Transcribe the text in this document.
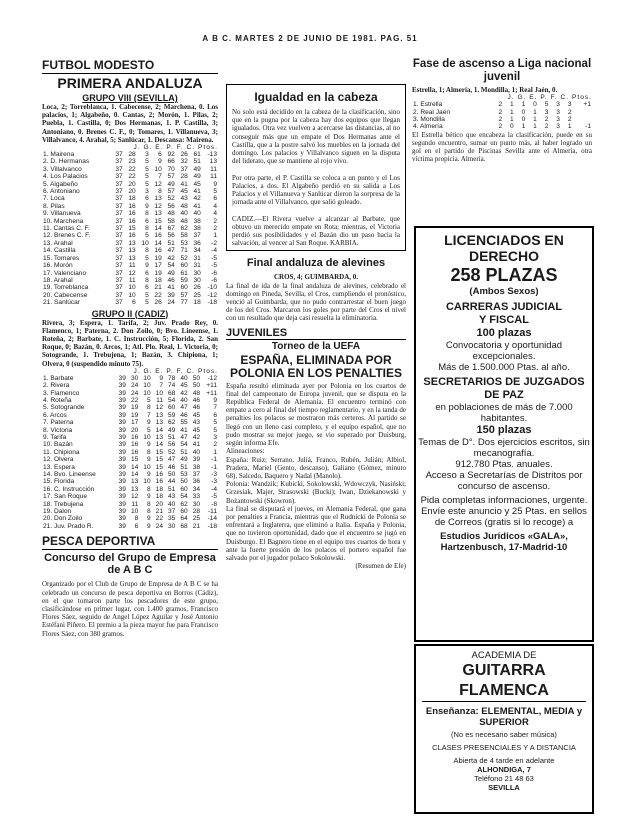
A B C. MARTES 2 DE JUNIO DE 1981. PAG. 51
FUTBOL MODESTO
PRIMERA ANDALUZA
GRUPO VIII (SEVILLA)
Loca, 2; Torreblanca, 1. Cabecense, 2; Marchena, 0. Los palacios, 1; Algabeño, 0. Cantas, 2; Morón, 1. Pilas, 2; Puebla, 1. Castilla, 0; Dos Hermanas, 1. P. Castilla, 3; Antoniano, 0. Brenes C. F., 0; Tomares, 1. Villanueva, 3; Villalvanco, 4. Arahal, 5; Sanlúcar, 1. Descansa: Mairena.
J. G. E. P. F. C. Ptos.
1. Mairena	37	28	3	6	92	26	61	-13
2. D. Hermanas	37	23	5	9	66	32	51	13
3. Villalvanco	37	22	5	10	70	37	49	11
4. Los Palacios	37	22	5	7	57	28	49	11
5. Algabeño	37	20	5	12	49	41	45	9
6. Antoniano	37	20	3	8	57	45	41	5
7. Loca	37	18	6	13	52	43	42	6
8. Pilas	37	16	9	12	56	48	41	4
9. Villanueva	37	16	8	13	48	40	40	4
10. Marchena	37	16	6	15	58	48	38	2
11. Cantas C. F.	37	15	8	14	67	62	38	2
12. Brenes C. F.	37	16	5	16	56	58	37	1
13. Arahal	37	13	10	14	51	53	36	-2
14. Castilla	37	13	8	16	47	71	34	-4
15. Tomares	37	13	5	19	42	52	31	-5
16. Morón	37	11	9	17	54	60	31	-5
17. Valenciano	37	12	6	19	49	61	30	-6
18. Arahal	37	11	8	18	46	59	30	-6
19. Torreblanca	37	10	6	21	41	60	26	-10
20. Cabecense	37	10	5	22	39	57	25	-12
21. Sanlúcar	37	6	5	26	24	77	18	-18
GRUPO II (CADIZ)
Rivera, 3; Espera, 1. Tarifa, 2; Juv. Prado Rey, 0. Flamenco, 1; Paterna, 2. Don Zoilo, 0; Bvo. Lineense, 1. Roteña, 2; Barbate, 1. C. Instrucción, 5; Florida, 2. San Roque, 0; Bazán, 0. Arcos, 1; Atl. Plo. Real, 1. Victoria, 0; Sotogrande, 1. Trebujena, 1; Bazán, 3. Chipiona, 1; Olvera, 0 (suspendido minuto 75).
J. G. E. P. F. C. Ptos.
1. Barbate	39	30	10	9	78	40	50	-12
2. Rivera	39	24	10	7	74	45	50	+11
3. Flamenco	39	24	10	10	68	42	48	+11
4. Roteña	39	22	5	11	54	40	46	9
5. Sotogrande	39	19	8	12	60	47	46	7
6. Arcos	39	19	7	13	59	46	45	6
7. Paterna	39	17	9	13	62	55	43	5
8. Victoria	39	20	5	14	49	41	45	5
9. Tarifa	39	16	10	13	51	47	42	3
10. Bazán	39	16	9	14	56	54	41	2
11. Chipiona	39	16	8	15	52	51	40	1
12. Olvera	39	15	9	15	47	49	39	-1
13. Espera	39	14	10	15	46	51	38	-1
14. Bvo. Lineense	39	14	9	16	50	53	37	-3
15. Florida	39	13	10	16	44	50	36	-3
16. C. Instrucción	39	13	8	18	51	60	34	-4
17. San Roque	39	12	9	18	43	54	33	-5
18. Trebujena	39	11	8	20	40	62	30	-8
19. Dalon	39	10	8	21	37	60	28	-11
20. Don Zoilo	39	8	9	22	35	64	25	-14
21. Juv. Prado R.	39	6	9	24	30	68	21	-18
PESCA DEPORTIVA
Concurso del Grupo de Empresa de A B C
Organizado por el Club de Grupo de Empresa de A B C se ha celebrado un concurso de pesca deportiva en Borros (Cádiz), en el que tomaron parte los pescadores de este grupo, clasificándose en primer lugar, con 1.400 gramos, Francisco Flores Sáez, seguido de Angel López Aguilar y José Antonio Estéfani Piñero. El premio a la pieza mayor fue para Francisco Flores Sáez, con 380 gramos.
Igualdad en la cabeza
No solo está decidido en la cabeza de la clasificación, sino que en la pugna por la cabeza hay dos equipos que llegan igualados. Otra vez vuelven a acercarse las distancias, al no conseguir más que un empate el Dos Hermanas ante el Castilla, que a la postre salvó los muebles en la jornada del domingo. Los palacios y Villalvanco siguen en la disputa del liderato, que se mantiene al rojo vivo.

Por otra parte, el P. Castilla se coloca a un punto y el Los Palacios, a dos. El Algabeño perdió en su salida a Los Palacios y el Villanueva y Sanlúcar dieron la sorpresa de la jornada ante el Villalvanco, que salió goleado.

CADIZ.—El Rivera vuelve a alcanzar al Barbate, que obtuvo un merecido empate en Rota; mientras, el Victoria perdió sus posibilidades y el Bazán dio un paso hacia la salvación, al vencer al San Roque. KARBIA.
Final andaluza de alevines
CROS, 4; GUIMBARDA, 0.
La final de ida de la final andaluza de alevines, celebrado el domingo en Pineda, Sevilla, el Cros, cumpliendo el pronóstico, venció al Guimbarda, que no pudo contrarrestar el buen juego de los del Cros. Marcaron los goles por parte del Cros el nivel con un resultado que deja casi resuelta la eliminatoria.
JUVENILES
Torneo de la UEFA
ESPAÑA, ELIMINADA POR POLONIA EN LOS PENALTIES
España resultó eliminada ayer por Polonia en los cuartos de final del campeonato de Europa juvenil, que se disputa en la República Federal de Alemania. El encuentro terminó con empate a cero al final del tiempo reglamentario, y en la tanda de penalties los polacos se mostraron más certeros. Al partido se llegó con un lleno casi completo, y el equipo español, que no pudo mostrar su mejor juego, se vio superado por Duisburg, según informa Efe.
Alineaciones:
España: Ruiz; Serrano, Juliá, Franco, Rubén, Julián; Albiol, Pradera, Mariel (Gento, descanso), Galiano (Gómez, minuto 68), Salcedo, Baquero y Nadal (Manolo).
Polonia: Wandzik; Kubicki, Sokolowski, Wdowczyk, Nasiński; Grzesiak, Majer, Strasowski (Bucki); Iwan, Dziekanowski y Bożantowski (Skowron).
La final se disputará el jueves, en Alemania Federal, que gana por penalties a Francia, mientras que el Rudnicki de Polonia se enfrentará a Inglaterra, que eliminó a Italia. España y Polonia, que no tuvieron oportunidad, dado que el encuentro se jugó en Duisburgo. El Bagnero tiene en el equipo tres cuartos de hora y ante la fuerte presión de los polacos el portero español fue salvado por el jugador polaco Sokolowski.
(Resumen de Efe)
Fase de ascenso a Liga nacional juvenil
Estrella, 1; Almería, 1. Mondilla, 1; Real Jaén, 0.
J. G. E. P. F. C. Ptos.
1. Estrella	2	1	1	0	5	3	3	+1
2. Real Jaén	2	1	0	1	3	3	2	
3. Mondilla	2	1	0	1	2	3	2	
4. Almería	2	0	1	1	2	3	1	-1
El Estrella bético que encabeza la clasificación, puede en su segundo encuentro, sumar un punto más, al haber logrado un gol en el partido de Piscinas Sevilla ante el Almería, otra víctima propicia. Almería.
LICENCIADOS EN DERECHO
258 PLAZAS
(Ambos Sexos)
CARRERAS JUDICIAL
Y FISCAL
100 plazas
Convocatoria y oportunidad excepcionales.
Más de 1.500.000 Ptas. al año.
SECRETARIOS DE JUZGADOS DE PAZ
en poblaciones de más de 7.000 habitantes.
150 plazas
Temas de D°. Dos ejercicios escritos, sin mecanografía.
912.780 Ptas. anuales.
Acceso a Secretarías de Distritos por concurso de ascenso.
Pida completas informaciones, urgente. Envíe este anuncio y 25 Ptas. en sellos de Correos (gratis si lo recoge) a
Estudios Jurídicos «GALA»,
Hartzenbusch, 17-Madrid-10
ACADEMIA DE
GUITARRA FLAMENCA
Enseñanza: ELEMENTAL, MEDIA y SUPERIOR
(No es necesario saber música)
CLASES PRESENCIALES Y A DISTANCIA
Abierta de 4 tarde en adelante
ALHONDIGA, 7
Teléfono 21 48 63
SEVILLA
